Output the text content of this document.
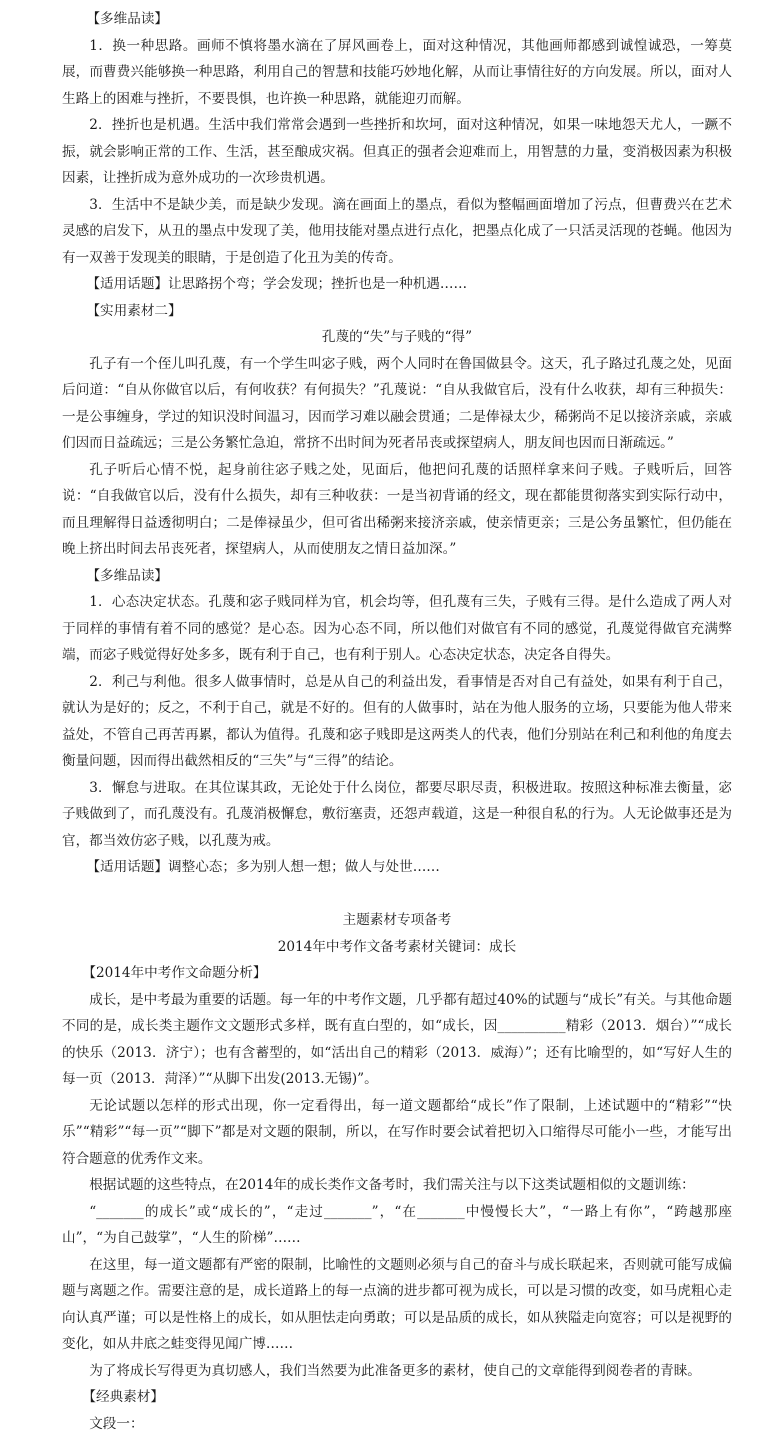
【多维品读】

1．换一种思路。画师不慎将墨水滴在了屏风画卷上，面对这种情况，其他画师都感到诚惶诚恐，一筹莫展，而曹费兴能够换一种思路，利用自己的智慧和技能巧妙地化解，从而让事情往好的方向发展。所以，面对人生路上的困难与挫折，不要畏惧，也许换一种思路，就能迎刃而解。

2．挫折也是机遇。生活中我们常常会遇到一些挫折和坎坷，面对这种情况，如果一味地怨天尤人，一蹶不振，就会影响正常的工作、生活，甚至酿成灾祸。但真正的强者会迎难而上，用智慧的力量，变消极因素为积极因素，让挫折成为意外成功的一次珍贵机遇。

3．生活中不是缺少美，而是缺少发现。滴在画面上的墨点，看似为整幅画面增加了污点，但曹费兴在艺术灵感的启发下，从丑的墨点中发现了美，他用技能对墨点进行点化，把墨点化成了一只活灵活现的苍蝇。他因为有一双善于发现美的眼睛，于是创造了化丑为美的传奇。

【适用话题】让思路拐个弯；学会发现；挫折也是一种机遇……

【实用素材二】

孔蔑的“失”与子贱的“得”

孔子有一个侄儿叫孔蔑，有一个学生叫宓子贱，两个人同时在鲁国做县令。这天，孔子路过孔蔑之处，见面后问道：“自从你做官以后，有何收获？有何损失？”孔蔑说：“自从我做官后，没有什么收获，却有三种损失：一是公事缠身，学过的知识没时间温习，因而学习难以融会贯通；二是俸禄太少，稀粥尚不足以接济亲戚，亲戚们因而日益疏远；三是公务繁忙急迫，常挤不出时间为死者吊丧或探望病人，朋友间也因而日渐疏远。”

孔子听后心情不悦，起身前往宓子贱之处，见面后，他把问孔蔑的话照样拿来问子贱。子贱听后，回答说：“自我做官以后，没有什么损失，却有三种收获：一是当初背诵的经文，现在都能贯彻落实到实际行动中，而且理解得日益透彻明白；二是俸禄虽少，但可省出稀粥来接济亲戚，使亲情更亲；三是公务虽繁忙，但仍能在晚上挤出时间去吊丧死者，探望病人，从而使朋友之情日益加深。”

【多维品读】

1．心态决定状态。孔蔑和宓子贱同样为官，机会均等，但孔蔑有三失，子贱有三得。是什么造成了两人对于同样的事情有着不同的感觉？是心态。因为心态不同，所以他们对做官有不同的感觉，孔蔑觉得做官充满弊端，而宓子贱觉得好处多多，既有利于自己，也有利于别人。心态决定状态，决定各自得失。

2．利己与利他。很多人做事情时，总是从自己的利益出发，看事情是否对自己有益处，如果有利于自己，就认为是好的；反之，不利于自己，就是不好的。但有的人做事时，站在为他人服务的立场，只要能为他人带来益处，不管自己再苦再累，都认为值得。孔蔑和宓子贱即是这两类人的代表，他们分别站在利己和利他的角度去衡量问题，因而得出截然相反的“三失”与“三得”的结论。

3．懈怠与进取。在其位谋其政，无论处于什么岗位，都要尽职尽责，积极进取。按照这种标准去衡量，宓子贱做到了，而孔蔑没有。孔蔑消极懈怠，敷衍塞责，还怨声载道，这是一种很自私的行为。人无论做事还是为官，都当效仿宓子贱，以孔蔑为戒。

【适用话题】调整心态；多为别人想一想；做人与处世……

主题素材专项备考

2014年中考作文备考素材关键词：成长

【2014年中考作文命题分析】

成长，是中考最为重要的话题。每一年的中考作文题，几乎都有超过40%的试题与“成长”有关。与其他命题不同的是，成长类主题作文文题形式多样，既有直白型的，如“成长，因__________精彩（2013．烟台）”“成长的快乐（2013．济宁）；也有含蓄型的，如“活出自己的精彩（2013．威海）”；还有比喻型的，如“写好人生的每一页（2013．菏泽）”“从脚下出发(2013.无锡)”。

无论试题以怎样的形式出现，你一定看得出，每一道文题都给“成长”作了限制，上述试题中的“精彩”“快乐”“精彩”“每一页”“脚下”都是对文题的限制，所以，在写作时要会试着把切入口缩得尽可能小一些，才能写出符合题意的优秀作文来。

根据试题的这些特点，在2014年的成长类作文备考时，我们需关注与以下这类试题相似的文题训练：

“_______的成长”或“成长的”，“走过_______”，“在_______中慢慢长大”，“一路上有你”，“跨越那座山”，“为自己鼓掌”，“人生的阶梯”……

在这里，每一道文题都有严密的限制，比喻性的文题则必须与自己的奋斗与成长联起来，否则就可能写成偏题与离题之作。需要注意的是，成长道路上的每一点滴的进步都可视为成长，可以是习惯的改变，如马虎粗心走向认真严谨；可以是性格上的成长，如从胆怯走向勇敢；可以是品质的成长，如从狭隘走向宽容；可以是视野的变化，如从井底之蛙变得见闻广博……

为了将成长写得更为真切感人，我们当然要为此准备更多的素材，使自己的文章能得到阅卷者的青睐。

【经典素材】

文段一：
